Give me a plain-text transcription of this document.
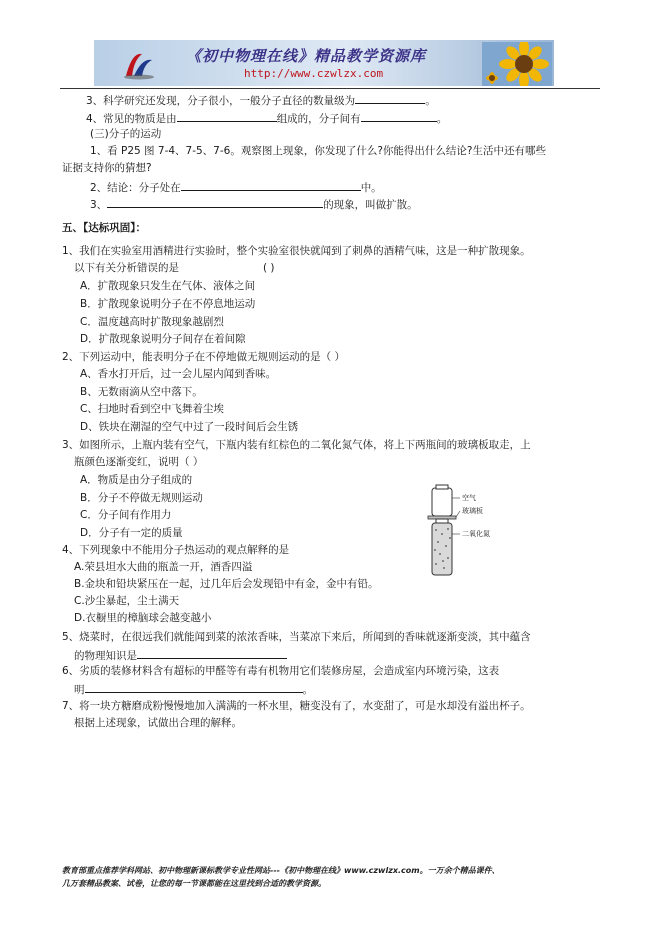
《初中物理在线》精品教学资源库
http://www.czwlzx.com
3、科学研究还发现，分子很小，一般分子直径的数量级为	。
4、常见的物质是由	组成的，分子间有	。
(三)分子的运动
1、看 P25 图 7-4、7-5、7-6。观察图上现象，你发现了什么?你能得出什么结论?生活中还有哪些
证据支持你的猜想?
2、结论：分子处在	中。
3、	的现象，叫做扩散。
五、【达标巩固】：
1、我们在实验室用酒精进行实验时，整个实验室很快就闻到了刺鼻的酒精气味，这是一种扩散现象。
以下有关分析错误的是	( )
A．扩散现象只发生在气体、液体之间
B．扩散现象说明分子在不停息地运动
C．温度越高时扩散现象越剧烈
D．扩散现象说明分子间存在着间隙
2、下列运动中，能表明分子在不停地做无规则运动的是（ ）
A、香水打开后，过一会儿屋内闻到香味。
B、无数雨滴从空中落下。
C、扫地时看到空中飞舞着尘埃
D、铁块在潮湿的空气中过了一段时间后会生锈
3、如图所示，上瓶内装有空气，下瓶内装有红棕色的二氧化氮气体，将上下两瓶间的玻璃板取走，上
瓶颜色逐渐变红，说明（ ）
A．物质是由分子组成的
B．分子不停做无规则运动
C．分子间有作用力
D．分子有一定的质量
空气
玻璃板
二氧化氮
4、下列现象中不能用分子热运动的观点解释的是
A.荣县坦水大曲的瓶盖一开，酒香四溢
B.金块和铅块紧压在一起，过几年后会发现铅中有金，金中有铅。
C.沙尘暴起，尘土满天
D.衣橱里的樟脑球会越变越小
5、烧菜时，在很远我们就能闻到菜的浓浓香味，当菜凉下来后，所闻到的香味就逐渐变淡，其中蕴含
的物理知识是
6、劣质的装修材料含有超标的甲醛等有毒有机物用它们装修房屋，会造成室内环境污染，这表
明	。
7、将一块方糖磨成粉慢慢地加入满满的一杯水里，糖变没有了，水变甜了，可是水却没有溢出杯子。
根据上述现象，试做出合理的解释。
教育部重点推荐学科网站、初中物理新课标教学专业性网站---《初中物理在线》www.czwlzx.com。一万余个精品课件、
几万套精品教案、试卷，让您的每一节课都能在这里找到合适的教学资源。
